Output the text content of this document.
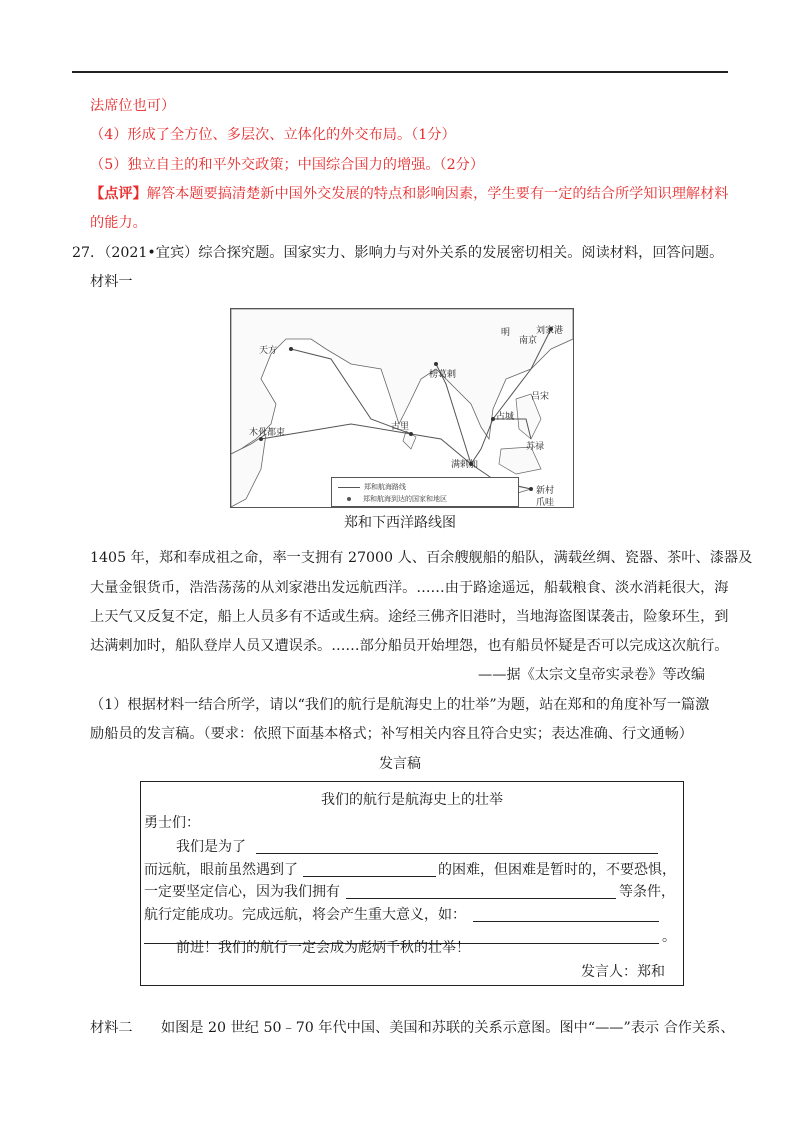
法席位也可）
（4）形成了全方位、多层次、立体化的外交布局。（1分）
（5）独立自主的和平外交政策；中国综合国力的增强。（2分）
【点评】解答本题要搞清楚新中国外交发展的特点和影响因素，学生要有一定的结合所学知识理解材料
的能力。
27．（2021•宜宾）综合探究题。国家实力、影响力与对外关系的发展密切相关。阅读材料，回答问题。
材料一
明
南京
刘家港
榜葛剌
天方
古里
木骨都束
占城
满剌加
吕宋
苏禄
新村
爪哇
郑和航海路线
郑和航海到达的国家和地区
郑和下西洋路线图
1405 年，郑和奉成祖之命，率一支拥有 27000 人、百余艘舰船的船队，满载丝绸、瓷器、茶叶、漆器及
大量金银货币，浩浩荡荡的从刘家港出发远航西洋。……由于路途遥远，船载粮食、淡水消耗很大，海
上天气又反复不定，船上人员多有不适或生病。途经三佛齐旧港时，当地海盗图谋袭击，险象环生，到
达满剌加时，船队登岸人员又遭误杀。……部分船员开始埋怨，也有船员怀疑是否可以完成这次航行。
——据《太宗文皇帝实录卷》等改编
（1）根据材料一结合所学，请以“我们的航行是航海史上的壮举”为题，站在郑和的角度补写一篇激
励船员的发言稿。（要求：依照下面基本格式；补写相关内容且符合史实；表达准确、行文通畅）
发言稿
我们的航行是航海史上的壮举
勇士们：
我们是为了
而远航，眼前虽然遇到了	的困难，但困难是暂时的，不要恐惧，
一定要坚定信心，因为我们拥有	等条件，
航行定能成功。完成远航，将会产生重大意义，如：
。
前进！我们的航行一定会成为彪炳千秋的壮举！
发言人：郑和
材料二　　如图是 20 世纪 50﹣70 年代中国、美国和苏联的关系示意图。图中“——”表示 合作关系、
